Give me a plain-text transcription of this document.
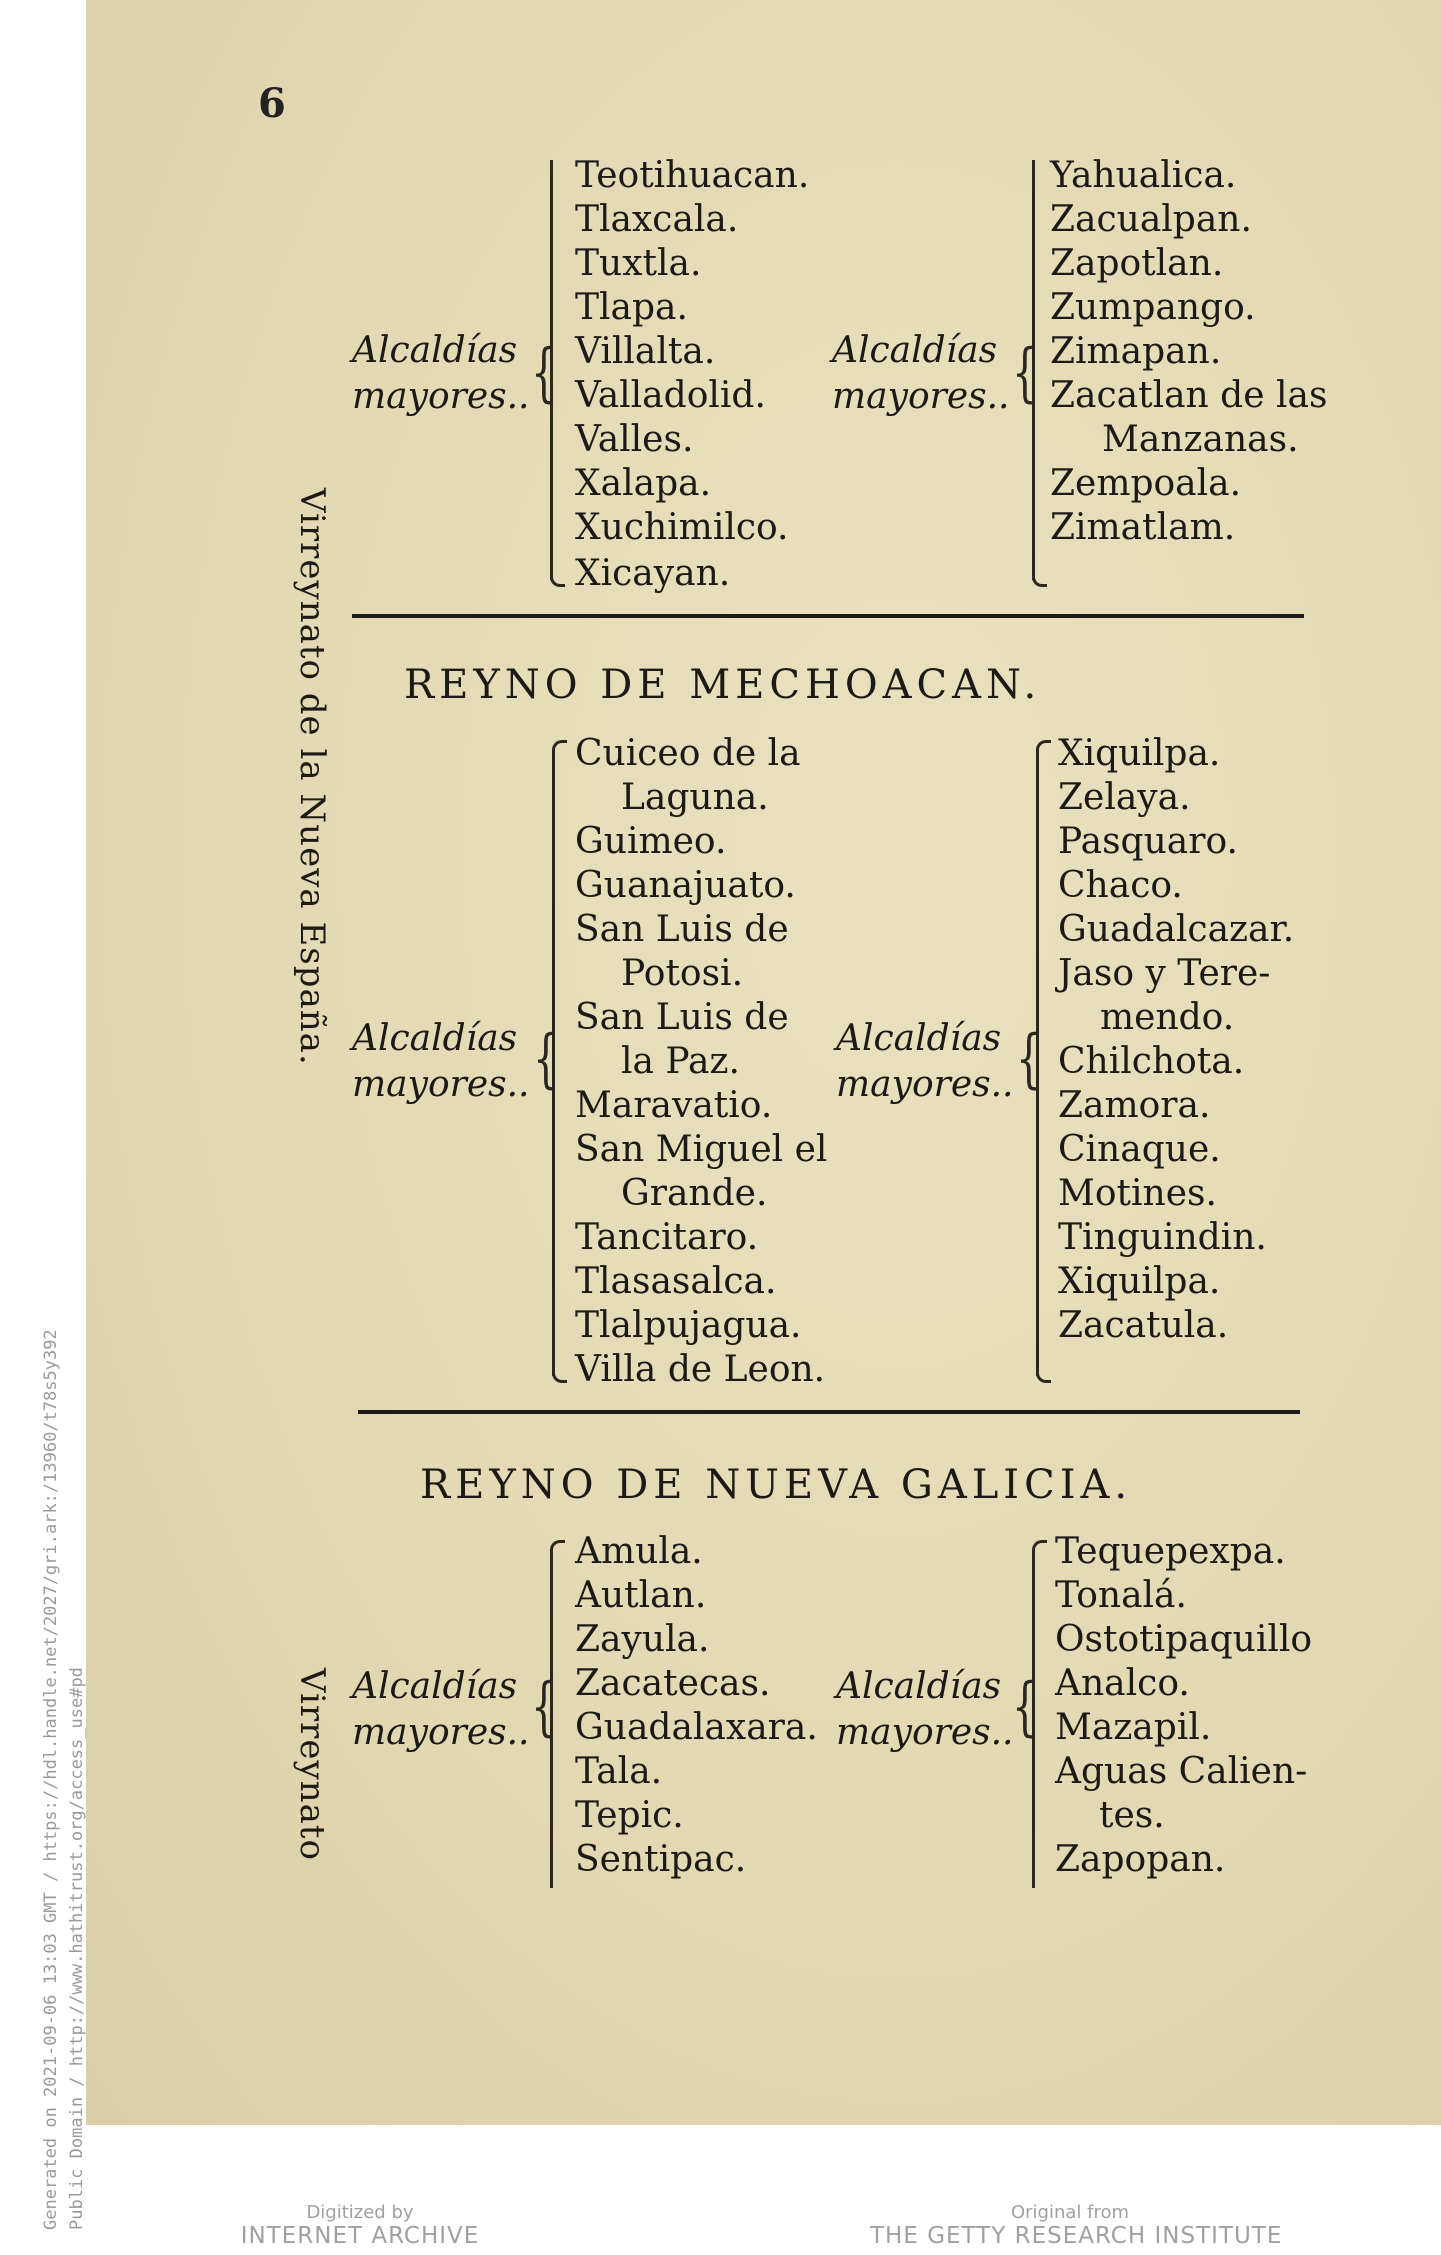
6
Virreynato de la Nueva España.
Virreynato
Alcaldías
mayores.. {
Teotihuacan.
Tlaxcala.
Tuxtla.
Tlapa.
Villalta.
Valladolid.
Valles.
Xalapa.
Xuchimilco.
Xicayan.
Alcaldías
mayores.. {
Yahualica.
Zacualpan.
Zapotlan.
Zumpango.
Zimapan.
Zacatlan de las
Manzanas.
Zempoala.
Zimatlam.
REYNO DE MECHOACAN.
Alcaldías
mayores.. {
Cuiceo de la
Laguna.
Guimeo.
Guanajuato.
San Luis de
Potosi.
San Luis de
la Paz.
Maravatio.
San Miguel el
Grande.
Tancitaro.
Tlasasalca.
Tlalpujagua.
Villa de Leon.
Alcaldías
mayores.. {
Xiquilpa.
Zelaya.
Pasquaro.
Chaco.
Guadalcazar.
Jaso y Tere-
mendo.
Chilchota.
Zamora.
Cinaque.
Motines.
Tinguindin.
Xiquilpa.
Zacatula.
REYNO DE NUEVA GALICIA.
Alcaldías
mayores.. {
Amula.
Autlan.
Zayula.
Zacatecas.
Guadalaxara.
Tala.
Tepic.
Sentipac.
Alcaldías
mayores..
{
Tequepexpa.
Tonalá.
Ostotipaquillo
Analco.
Mazapil.
Aguas Calien-
tes.
Zapopan.
Generated on 2021-09-06 13:03 GMT / https://hdl.handle.net/2027/gri.ark:/13960/t78s5y392 Public Domain / http://www.hathitrust.org/access_use#pd	Digitized by
INTERNET ARCHIVE
Original from
THE GETTY RESEARCH INSTITUTE
